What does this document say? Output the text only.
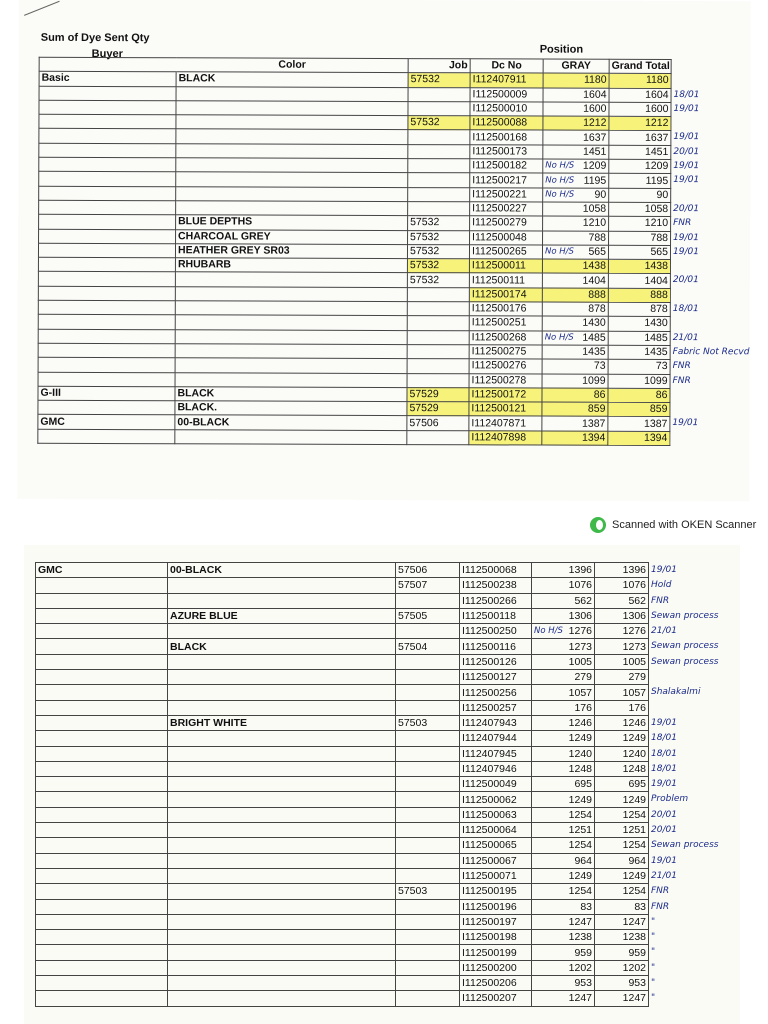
Sum of Dye Sent Qty
Position
Buyer
	Color	Job	Dc No	GRAY	Grand Total
Basic	BLACK	57532	I112407911	1180	1180
			I112500009	1604	1604 18/01

			I112500010	1600	1600 19/01

		57532	I112500088	1212	1212
			I112500168	1637	1637 19/01

			I112500173	1451	1451 20/01

			I112500182	No H/S 1209	1209 19/01

			I112500217	No H/S 1195	1195 19/01

			I112500221	No H/S 90	90
			I112500227	1058	1058 20/01

	BLUE DEPTHS	57532	I112500279	1210	1210 FNR

	CHARCOAL GREY	57532	I112500048	788	788 19/01

	HEATHER GREY SR03	57532	I112500265	No H/S 565	565 19/01

	RHUBARB	57532	I112500011	1438	1438
		57532	I112500111	1404	1404 20/01

			I112500174	888	888
			I112500176	878	878 18/01

			I112500251	1430	1430
			I112500268	No H/S 1485	1485 21/01

			I112500275	1435	1435 Fabric Not Recvd

			I112500276	73	73 FNR

			I112500278	1099	1099 FNR

G-III	BLACK	57529	I112500172	86	86
	BLACK.	57529	I112500121	859	859
GMC	00-BLACK	57506	I112407871	1387	1387 19/01

			I112407898	1394	1394
Scanned with OKEN Scanner
GMC	00-BLACK	57506	I112500068	1396	1396 19/01

		57507	I112500238	1076	1076 Hold

			I112500266	562	562 FNR

	AZURE BLUE	57505	I112500118	1306	1306 Sewan process

			I112500250	No H/S 1276	1276 21/01

	BLACK	57504	I112500116	1273	1273 Sewan process

			I112500126	1005	1005 Sewan process

			I112500127	279	279
			I112500256	1057	1057 Shalakalmi

			I112500257	176	176
	BRIGHT WHITE	57503	I112407943	1246	1246 19/01

			I112407944	1249	1249 18/01

			I112407945	1240	1240 18/01

			I112407946	1248	1248 18/01

			I112500049	695	695 19/01

			I112500062	1249	1249 Problem

			I112500063	1254	1254 20/01

			I112500064	1251	1251 20/01

			I112500065	1254	1254 Sewan process

			I112500067	964	964 19/01

			I112500071	1249	1249 21/01

		57503	I112500195	1254	1254 FNR

			I112500196	83	83 FNR

			I112500197	1247	1247 "

			I112500198	1238	1238 "

			I112500199	959	959 "

			I112500200	1202	1202 "

			I112500206	953	953 "

			I112500207	1247	1247 "
